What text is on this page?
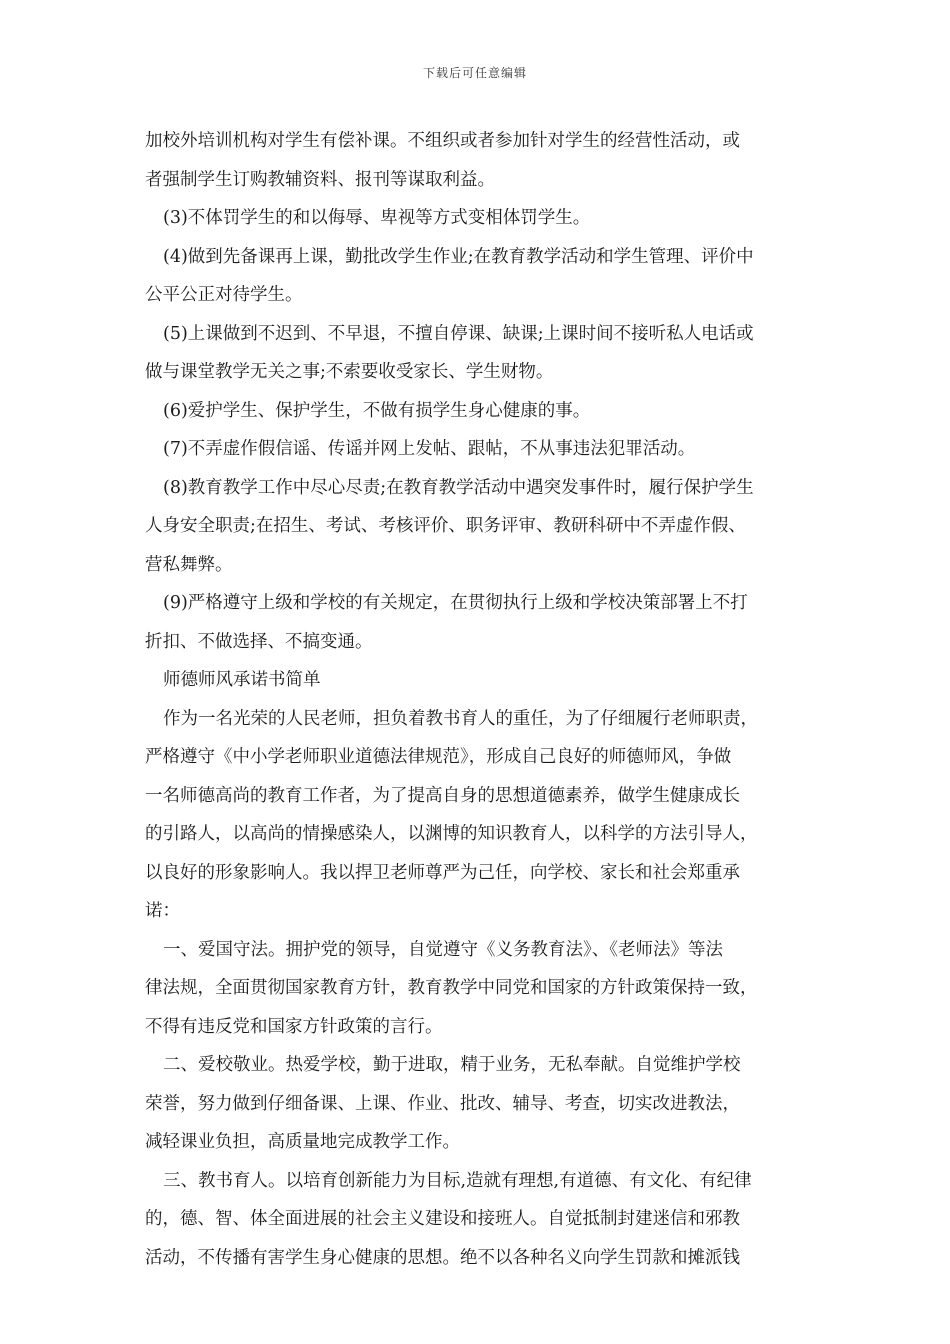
下载后可任意编辑
加校外培训机构对学生有偿补课。不组织或者参加针对学生的经营性活动，或
者强制学生订购教辅资料、报刊等谋取利益。
(3)不体罚学生的和以侮辱、卑视等方式变相体罚学生。
(4)做到先备课再上课，勤批改学生作业;在教育教学活动和学生管理、评价中
公平公正对待学生。
(5)上课做到不迟到、不早退，不擅自停课、缺课;上课时间不接听私人电话或
做与课堂教学无关之事;不索要收受家长、学生财物。
(6)爱护学生、保护学生，不做有损学生身心健康的事。
(7)不弄虚作假信谣、传谣并网上发帖、跟帖，不从事违法犯罪活动。
(8)教育教学工作中尽心尽责;在教育教学活动中遇突发事件时，履行保护学生
人身安全职责;在招生、考试、考核评价、职务评审、教研科研中不弄虚作假、
营私舞弊。
(9)严格遵守上级和学校的有关规定，在贯彻执行上级和学校决策部署上不打
折扣、不做选择、不搞变通。
师德师风承诺书简单
作为一名光荣的人民老师，担负着教书育人的重任，为了仔细履行老师职责，
严格遵守《中小学老师职业道德法律规范》，形成自己良好的师德师风，争做
一名师德高尚的教育工作者，为了提高自身的思想道德素养，做学生健康成长
的引路人，以高尚的情操感染人，以渊博的知识教育人，以科学的方法引导人，
以良好的形象影响人。我以捍卫老师尊严为己任，向学校、家长和社会郑重承
诺：
一、爱国守法。拥护党的领导，自觉遵守《义务教育法》、《老师法》等法
律法规，全面贯彻国家教育方针，教育教学中同党和国家的方针政策保持一致，
不得有违反党和国家方针政策的言行。
二、爱校敬业。热爱学校，勤于进取，精于业务，无私奉献。自觉维护学校
荣誉，努力做到仔细备课、上课、作业、批改、辅导、考查，切实改进教法，
减轻课业负担，高质量地完成教学工作。
三、教书育人。以培育创新能力为目标,造就有理想,有道德、有文化、有纪律
的，德、智、体全面进展的社会主义建设和接班人。自觉抵制封建迷信和邪教
活动，不传播有害学生身心健康的思想。绝不以各种名义向学生罚款和摊派钱
